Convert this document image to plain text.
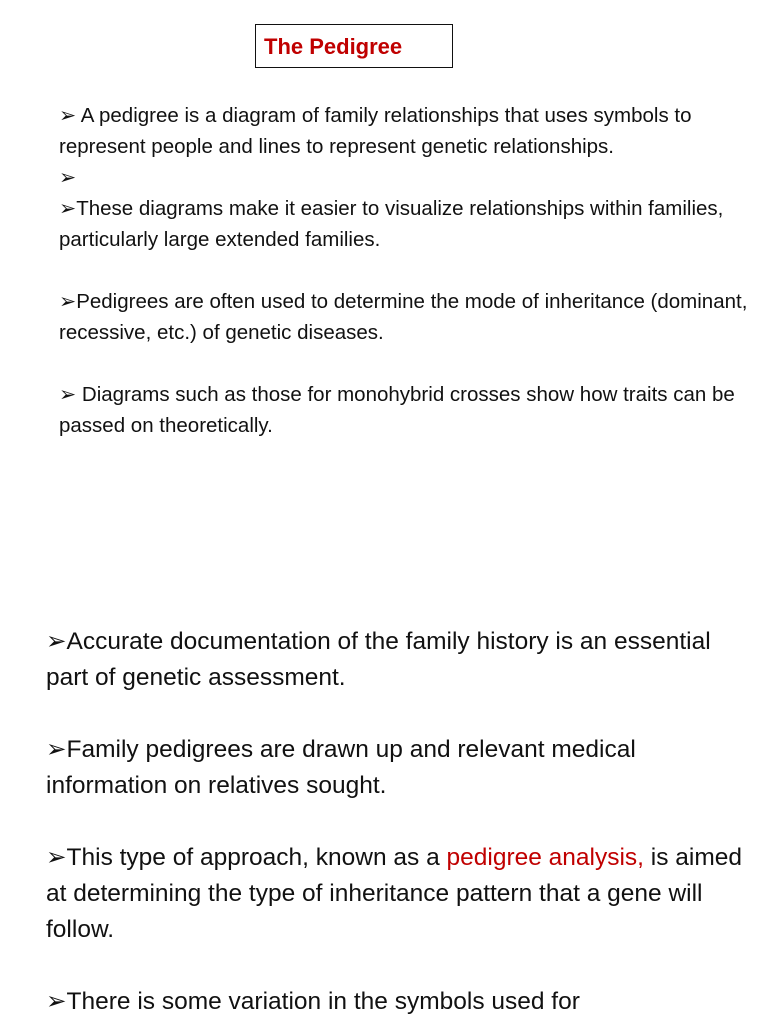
The Pedigree

➢ A pedigree is a diagram of family relationships that uses symbols to represent people and lines to represent genetic relationships.

➢

➢These diagrams make it easier to visualize relationships within families, particularly large extended families.

➢Pedigrees are often used to determine the mode of inheritance (dominant, recessive, etc.) of genetic diseases.

➢ Diagrams such as those for monohybrid crosses show how traits can be passed on theoretically.

➢Accurate documentation of the family history is an essential part of genetic assessment.

➢Family pedigrees are drawn up and relevant medical information on relatives sought.

➢This type of approach, known as a pedigree analysis, is aimed at determining the type of inheritance pattern that a gene will follow.

➢There is some variation in the symbols used for
